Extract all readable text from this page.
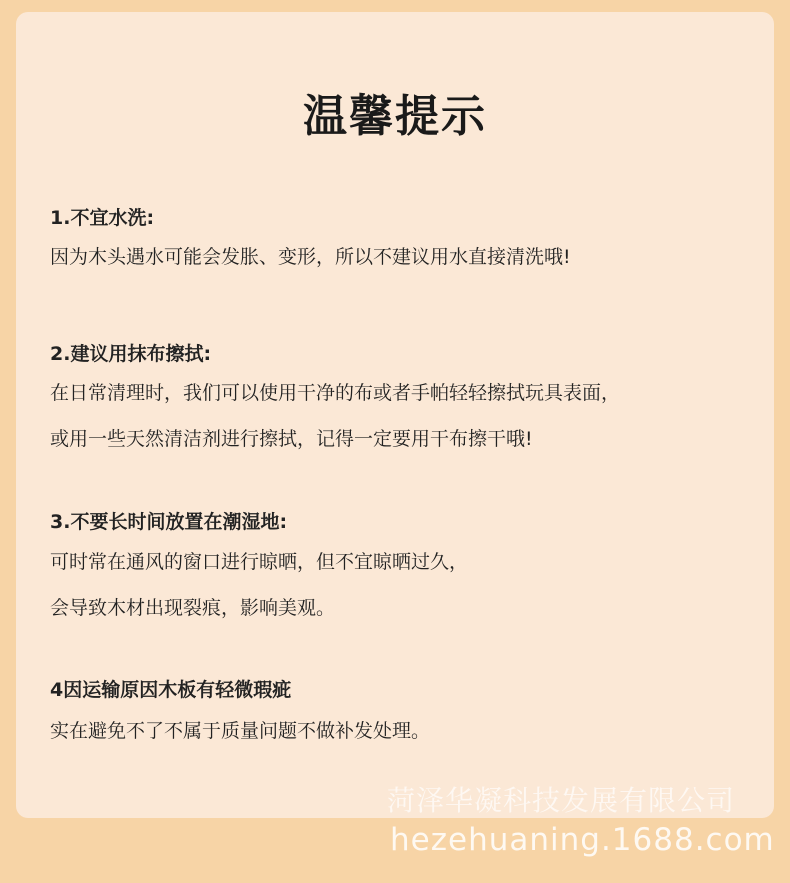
温馨提示
1.不宜水洗:
因为木头遇水可能会发胀、变形，所以不建议用水直接清洗哦!
2.建议用抹布擦拭:
在日常清理时，我们可以使用干净的布或者手帕轻轻擦拭玩具表面，
或用一些天然清洁剂进行擦拭，记得一定要用干布擦干哦!
3.不要长时间放置在潮湿地:
可时常在通风的窗口进行晾晒，但不宜晾晒过久，
会导致木材出现裂痕，影响美观。
4因运输原因木板有轻微瑕疵
实在避免不了不属于质量问题不做补发处理。
菏泽华凝科技发展有限公司
hezehuaning.1688.com
